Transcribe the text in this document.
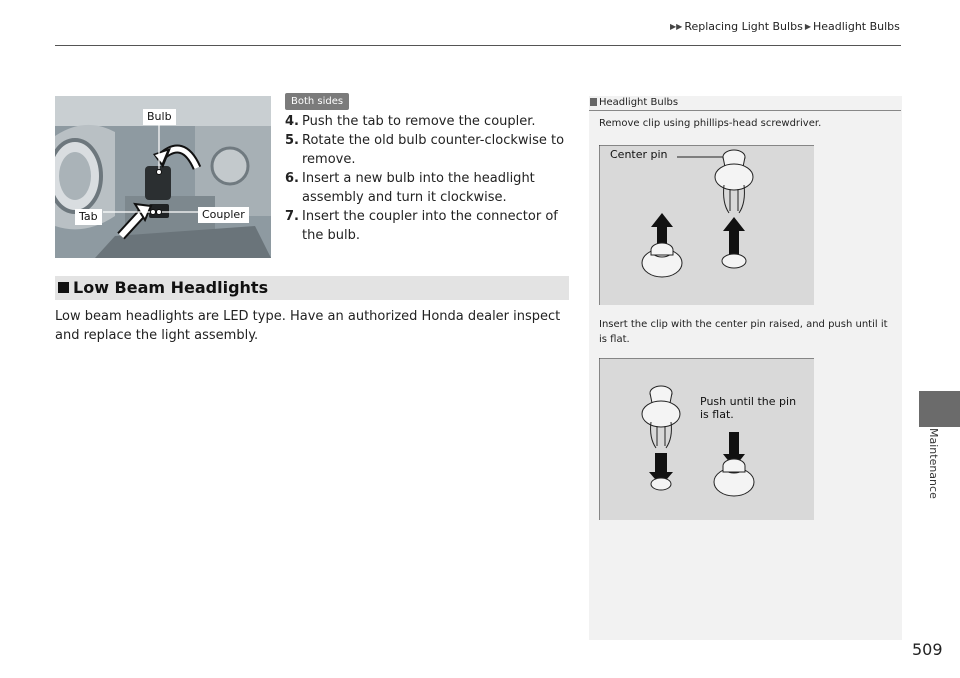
▶▶ Replacing Light Bulbs ▶ Headlight Bulbs
Bulb
Tab	Coupler
Both sides
4. Push the tab to remove the coupler.
5. Rotate the old bulb counter-clockwise to remove.
6. Insert a new bulb into the headlight assembly and turn it clockwise.
7. Insert the coupler into the connector of the bulb.
Low Beam Headlights
Low beam headlights are LED type. Have an authorized Honda dealer inspect and replace the light assembly.
Headlight Bulbs
Remove clip using phillips-head screwdriver.
Center pin
Insert the clip with the center pin raised, and push until it is flat.
Push until the pin is flat.
Maintenance
509
